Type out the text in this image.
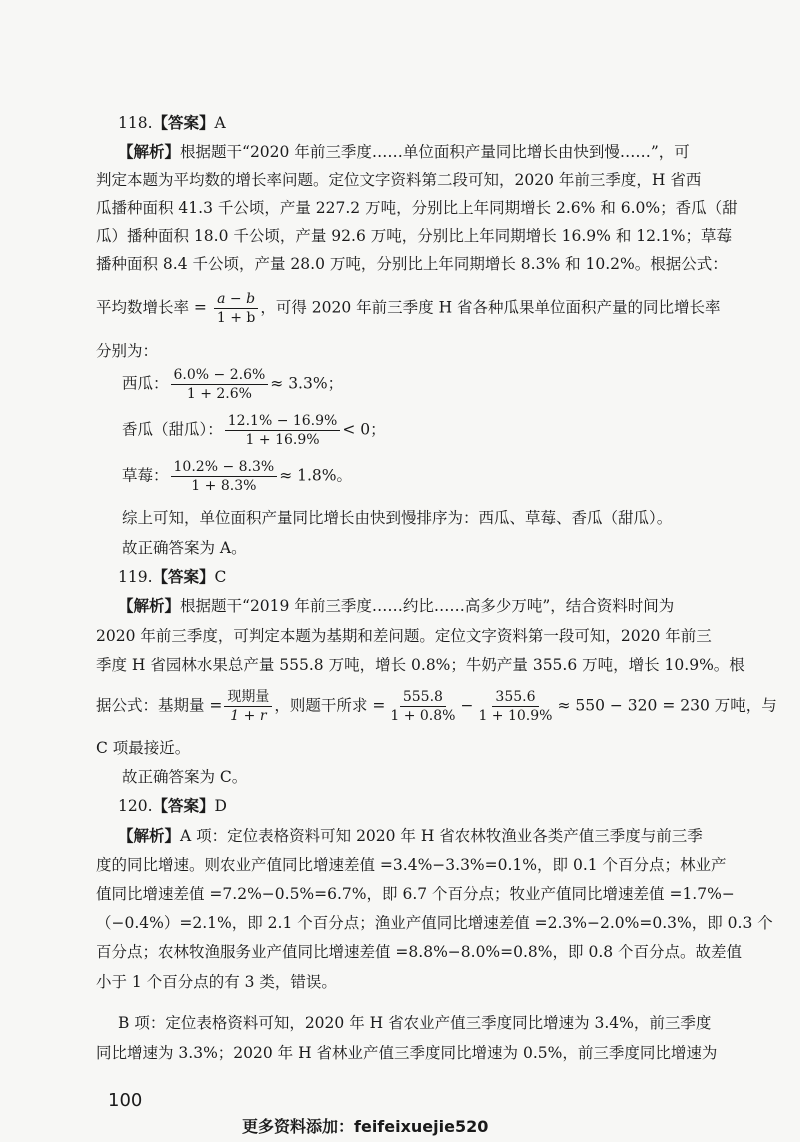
118.【答案】A
【解析】根据题干“2020 年前三季度……单位面积产量同比增长由快到慢……”，可
判定本题为平均数的增长率问题。定位文字资料第二段可知，2020 年前三季度，H 省西
瓜播种面积 41.3 千公顷，产量 227.2 万吨，分别比上年同期增长 2.6% 和 6.0%；香瓜（甜
瓜）播种面积 18.0 千公顷，产量 92.6 万吨，分别比上年同期增长 16.9% 和 12.1%；草莓
播种面积 8.4 千公顷，产量 28.0 万吨，分别比上年同期增长 8.3% 和 10.2%。根据公式：
平均数增长率 = $\frac{a - b}{1 + b}$ ，可得 2020 年前三季度 H 省各种瓜果单位面积产量的同比增长率
分别为：
西瓜： $\frac{6.0\% - 2.6\%}{1 + 2.6\%} \approx 3.3\%$；
香瓜（甜瓜）： $\frac{12.1\% - 16.9\%}{1 + 16.9\%} < 0$；
草莓： $\frac{10.2\% - 8.3\%}{1 + 8.3\%} \approx 1.8\%$。
综上可知，单位面积产量同比增长由快到慢排序为：西瓜、草莓、香瓜（甜瓜）。
故正确答案为 A。
119.【答案】C
【解析】根据题干“2019 年前三季度……约比……高多少万吨”，结合资料时间为
2020 年前三季度，可判定本题为基期和差问题。定位文字资料第一段可知，2020 年前三
季度 H 省园林水果总产量 555.8 万吨，增长 0.8%；牛奶产量 355.6 万吨，增长 10.9%。根
据公式：基期量 = $\frac{\text{现期量}}{1 + r}$ ，则题干所求 = $\frac{555.8}{1 + 0.8\%} - \frac{355.6}{1 + 10.9\%} \approx 550 - 320 = 230$ 万吨，与
C 项最接近。
故正确答案为 C。
120.【答案】D
【解析】A 项：定位表格资料可知 2020 年 H 省农林牧渔业各类产值三季度与前三季
度的同比增速。则农业产值同比增速差值 =3.4%−3.3%=0.1%，即 0.1 个百分点；林业产
值同比增速差值 =7.2%−0.5%=6.7%，即 6.7 个百分点；牧业产值同比增速差值 =1.7%−
（−0.4%）=2.1%，即 2.1 个百分点；渔业产值同比增速差值 =2.3%−2.0%=0.3%，即 0.3 个
百分点；农林牧渔服务业产值同比增速差值 =8.8%−8.0%=0.8%，即 0.8 个百分点。故差值
小于 1 个百分点的有 3 类，错误。
B 项：定位表格资料可知，2020 年 H 省农业产值三季度同比增速为 3.4%，前三季度
同比增速为 3.3%；2020 年 H 省林业产值三季度同比增速为 0.5%，前三季度同比增速为
100
更多资料添加：feifeixuejie520
